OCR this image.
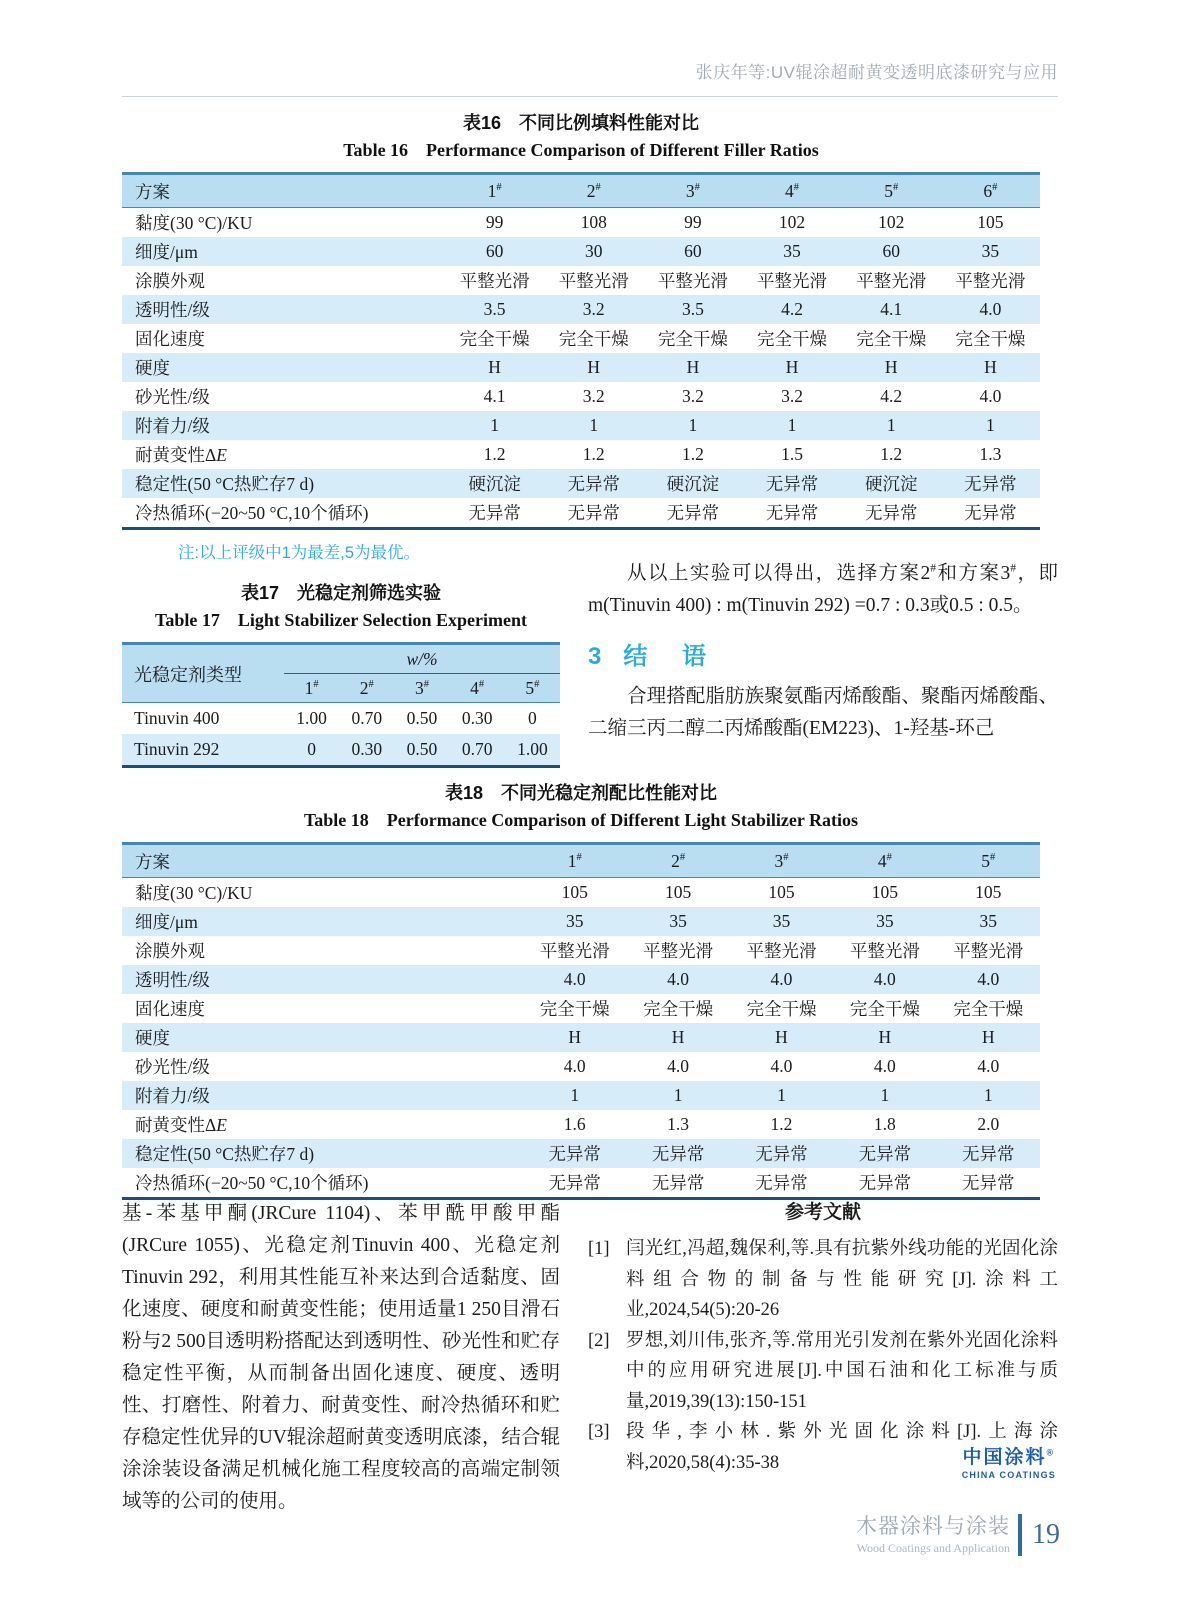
张庆年等:UV辊涂超耐黄变透明底漆研究与应用
表16　不同比例填料性能对比
Table 16　Performance Comparison of Different Filler Ratios
方案	1#	2#	3#	4#	5#	6#
黏度(30 °C)/KU	99	108	99	102	102	105
细度/μm	60	30	60	35	60	35
涂膜外观	平整光滑	平整光滑	平整光滑	平整光滑	平整光滑	平整光滑
透明性/级	3.5	3.2	3.5	4.2	4.1	4.0
固化速度	完全干燥	完全干燥	完全干燥	完全干燥	完全干燥	完全干燥
硬度	H	H	H	H	H	H
砂光性/级	4.1	3.2	3.2	3.2	4.2	4.0
附着力/级	1	1	1	1	1	1
耐黄变性ΔE	1.2	1.2	1.2	1.5	1.2	1.3
稳定性(50 °C热贮存7 d)	硬沉淀	无异常	硬沉淀	无异常	硬沉淀	无异常
冷热循环(−20~50 °C,10个循环)	无异常	无异常	无异常	无异常	无异常	无异常
注:以上评级中1为最差,5为最优。
表17　光稳定剂筛选实验
Table 17　Light Stabilizer Selection Experiment
光稳定剂类型	w/%				
	1#	2#	3#	4#	5#
Tinuvin 400	1.00	0.70	0.50	0.30	0
Tinuvin 292	0	0.30	0.50	0.70	1.00
从以上实验可以得出，选择方案2#和方案3#，即m(Tinuvin 400) : m(Tinuvin 292) =0.7 : 0.3或0.5 : 0.5。
3 结 语
合理搭配脂肪族聚氨酯丙烯酸酯、聚酯丙烯酸酯、二缩三丙二醇二丙烯酸酯(EM223)、1-羟基-环己
表18　不同光稳定剂配比性能对比
Table 18　Performance Comparison of Different Light Stabilizer Ratios
方案	1#	2#	3#	4#	5#
黏度(30 °C)/KU	105	105	105	105	105
细度/μm	35	35	35	35	35
涂膜外观	平整光滑	平整光滑	平整光滑	平整光滑	平整光滑
透明性/级	4.0	4.0	4.0	4.0	4.0
固化速度	完全干燥	完全干燥	完全干燥	完全干燥	完全干燥
硬度	H	H	H	H	H
砂光性/级	4.0	4.0	4.0	4.0	4.0
附着力/级	1	1	1	1	1
耐黄变性ΔE	1.6	1.3	1.2	1.8	2.0
稳定性(50 °C热贮存7 d)	无异常	无异常	无异常	无异常	无异常
冷热循环(−20~50 °C,10个循环)	无异常	无异常	无异常	无异常	无异常
基-苯基甲酮(JRCure 1104)、苯甲酰甲酸甲酯(JRCure 1055)、光稳定剂Tinuvin 400、光稳定剂Tinuvin 292，利用其性能互补来达到合适黏度、固化速度、硬度和耐黄变性能；使用适量1 250目滑石粉与2 500目透明粉搭配达到透明性、砂光性和贮存稳定性平衡，从而制备出固化速度、硬度、透明性、打磨性、附着力、耐黄变性、耐冷热循环和贮存稳定性优异的UV辊涂超耐黄变透明底漆，结合辊涂涂装设备满足机械化施工程度较高的高端定制领域等的公司的使用。
参考文献
[1] 闫光红,冯超,魏保利,等.具有抗紫外线功能的光固化涂料组合物的制备与性能研究[J].涂料工业,2024,54(5):20-26
[2] 罗想,刘川伟,张齐,等.常用光引发剂在紫外光固化涂料中的应用研究进展[J].中国石油和化工标准与质量,2019,39(13):150-151
[3] 段华,李小林.紫外光固化涂料[J].上海涂料,2020,58(4):35-38	中国涂料®
CHINA COATINGS
木器涂料与涂装
Wood Coatings and Application 19
